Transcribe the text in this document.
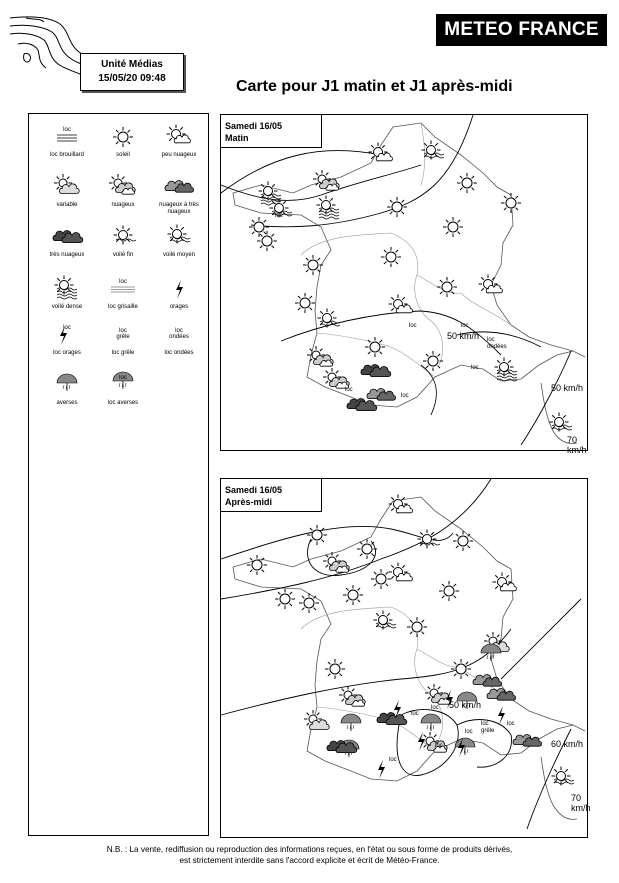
Unité Médias
15/05/20 09:48
METEO FRANCE
Carte pour J1 matin et J1 après-midi
loc
loc brouillard	soleil	peu nuageux
variable	nuageux	nuageux à très nuageux
très nuageux	voilé fin	voilé moyen
voilé dense
loc
loc grisaille	orages
loc
loc orages
loc grêle
loc grêle
loc ondées
loc ondées
averses
loc
loc averses
Samedi 16/05
Matin
50 km/h
50 km/h
70 km/h
loc
loc	loc
loc ondées
loc
loc
loc
Samedi 16/05
Après-midi
50 km/h
60 km/h
70 km/h
loc
loc
loc
loc
loc grêle
loc
loc
N.B. : La vente, rediffusion ou reproduction des informations reçues, en l'état ou sous forme de produits dérivés,
est strictement interdite sans l'accord explicite et écrit de Météo-France.
